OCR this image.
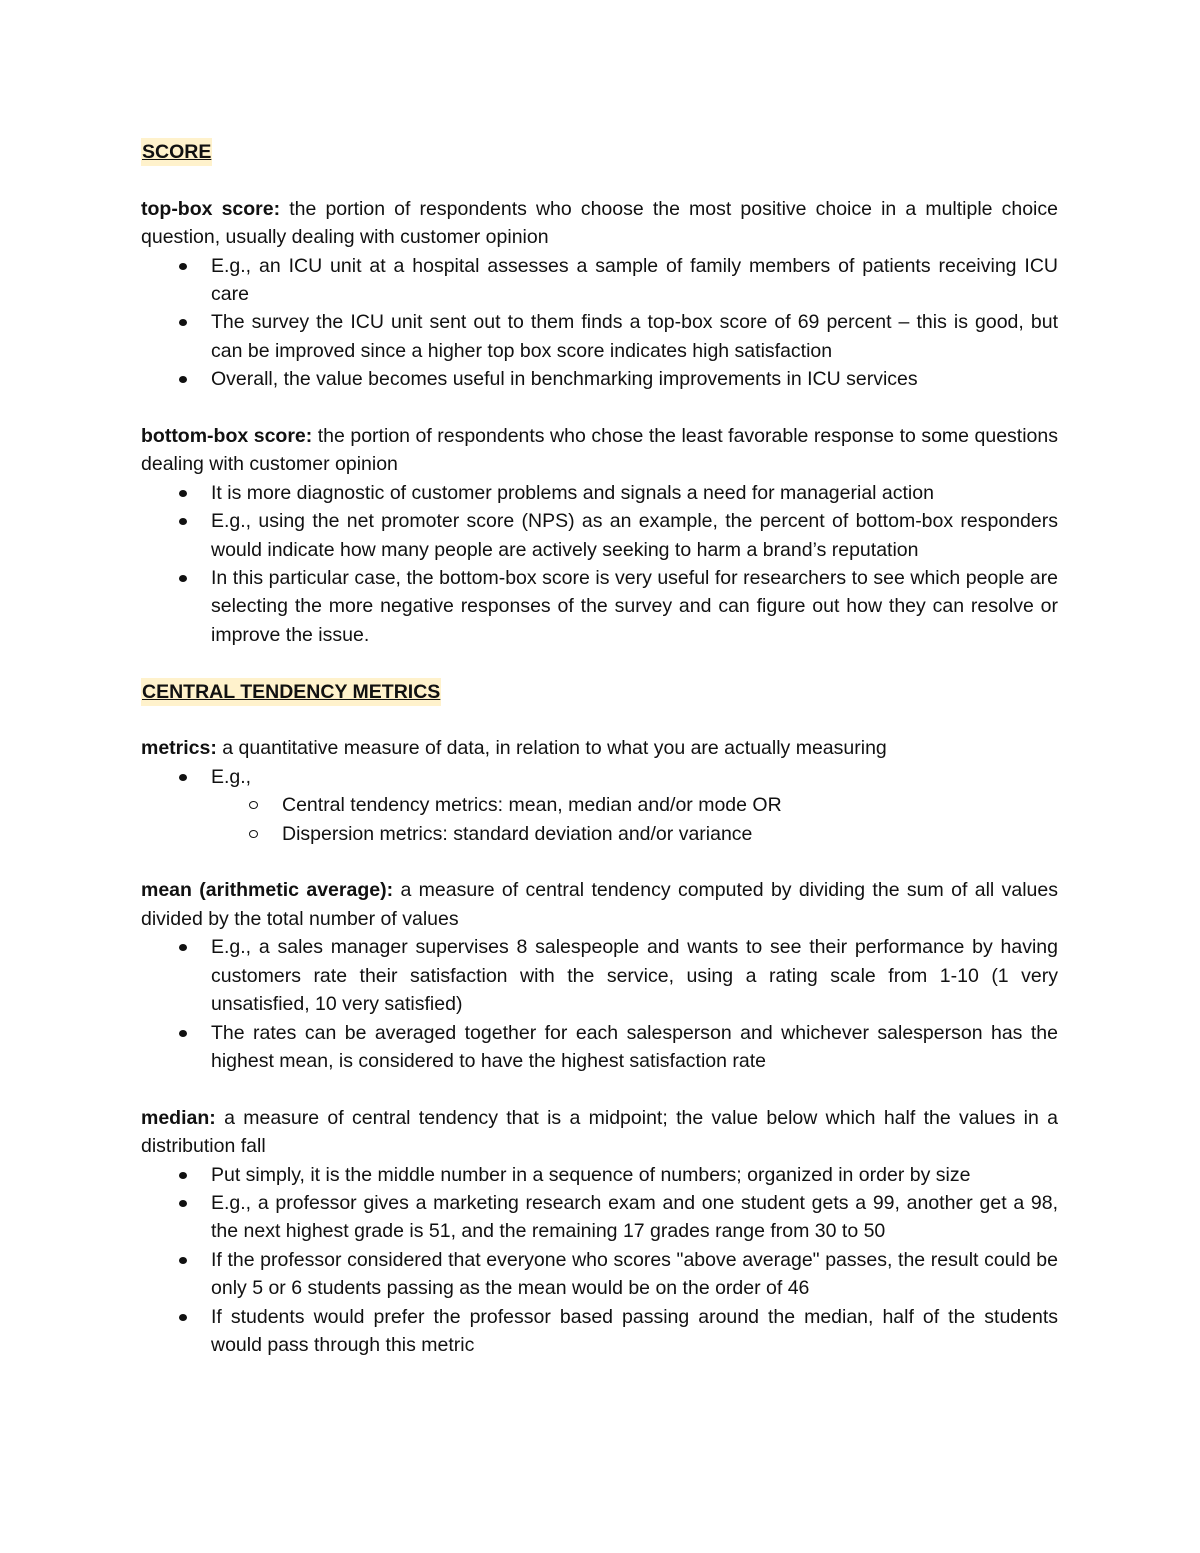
SCORE

top-box score: the portion of respondents who choose the most positive choice in a multiple choice question, usually dealing with customer opinion

E.g., an ICU unit at a hospital assesses a sample of family members of patients receiving ICU care
The survey the ICU unit sent out to them finds a top-box score of 69 percent – this is good, but can be improved since a higher top box score indicates high satisfaction
Overall, the value becomes useful in benchmarking improvements in ICU services

bottom-box score: the portion of respondents who chose the least favorable response to some questions dealing with customer opinion

It is more diagnostic of customer problems and signals a need for managerial action
E.g., using the net promoter score (NPS) as an example, the percent of bottom-box responders would indicate how many people are actively seeking to harm a brand’s reputation
In this particular case, the bottom-box score is very useful for researchers to see which people are selecting the more negative responses of the survey and can figure out how they can resolve or improve the issue.
CENTRAL TENDENCY METRICS

metrics: a quantitative measure of data, in relation to what you are actually measuring

E.g.,
Central tendency metrics: mean, median and/or mode OR
Dispersion metrics: standard deviation and/or variance

mean (arithmetic average): a measure of central tendency computed by dividing the sum of all values divided by the total number of values

E.g., a sales manager supervises 8 salespeople and wants to see their performance by having customers rate their satisfaction with the service, using a rating scale from 1-10 (1 very unsatisfied, 10 very satisfied)
The rates can be averaged together for each salesperson and whichever salesperson has the highest mean, is considered to have the highest satisfaction rate

median: a measure of central tendency that is a midpoint; the value below which half the values in a distribution fall

Put simply, it is the middle number in a sequence of numbers; organized in order by size
E.g., a professor gives a marketing research exam and one student gets a 99, another get a 98, the next highest grade is 51, and the remaining 17 grades range from 30 to 50
If the professor considered that everyone who scores "above average" passes, the result could be only 5 or 6 students passing as the mean would be on the order of 46
If students would prefer the professor based passing around the median, half of the students would pass through this metric
